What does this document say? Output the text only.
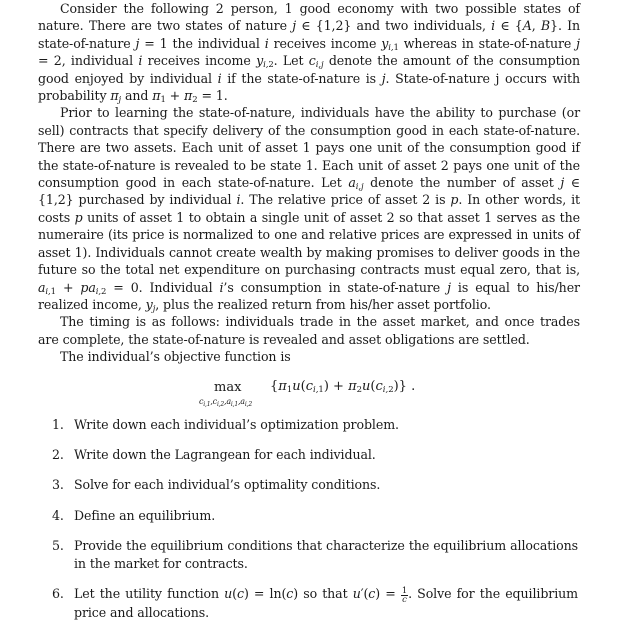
Consider the following 2 person, 1 good economy with two possible states of nature. There are two states of nature j ∈ {1,2} and two individuals, i ∈ {A, B}. In state-of-nature j = 1 the individual i receives income $y_{i,1}$ whereas in state-of-nature j = 2, individual i receives income $y_{i,2}$. Let $c_{i,j}$ denote the amount of the consumption good enjoyed by individual i if the state-of-nature is j. State-of-nature j occurs with probability $\pi_j$ and $\pi_1 + \pi_2 = 1$.

Prior to learning the state-of-nature, individuals have the ability to purchase (or sell) contracts that specify delivery of the consumption good in each state-of-nature. There are two assets. Each unit of asset 1 pays one unit of the consumption good if the state-of-nature is revealed to be state 1. Each unit of asset 2 pays one unit of the consumption good in each state-of-nature. Let $a_{i,j}$ denote the number of asset j ∈ {1,2} purchased by individual i. The relative price of asset 2 is p. In other words, it costs p units of asset 1 to obtain a single unit of asset 2 so that asset 1 serves as the numeraire (its price is normalized to one and relative prices are expressed in units of asset 1). Individuals cannot create wealth by making promises to deliver goods in the future so the total net expenditure on purchasing contracts must equal zero, that is, $a_{i,1} + pa_{i,2} = 0$. Individual i’s consumption in state-of-nature j is equal to his/her realized income, $y_j$, plus the realized return from his/her asset portfolio.

The timing is as follows: individuals trade in the asset market, and once trades are complete, the state-of-nature is revealed and asset obligations are settled.

The individual’s objective function is

max
$c_{i,1},c_{i,2},a_{i,1},a_{i,2}$
$\{\pi_1u(c_{i,1}) + \pi_2u(c_{i,2})\}$ .
1. Write down each individual’s optimization problem.
2. Write down the Lagrangean for each individual.
3. Solve for each individual’s optimality conditions.
4. Define an equilibrium.
5. Provide the equilibrium conditions that characterize the equilibrium allocations in the market for contracts.
6. Let the utility function u(c) = ln(c) so that $u'(c) = \frac{1}{c}$ . Solve for the equilibrium price and allocations.
